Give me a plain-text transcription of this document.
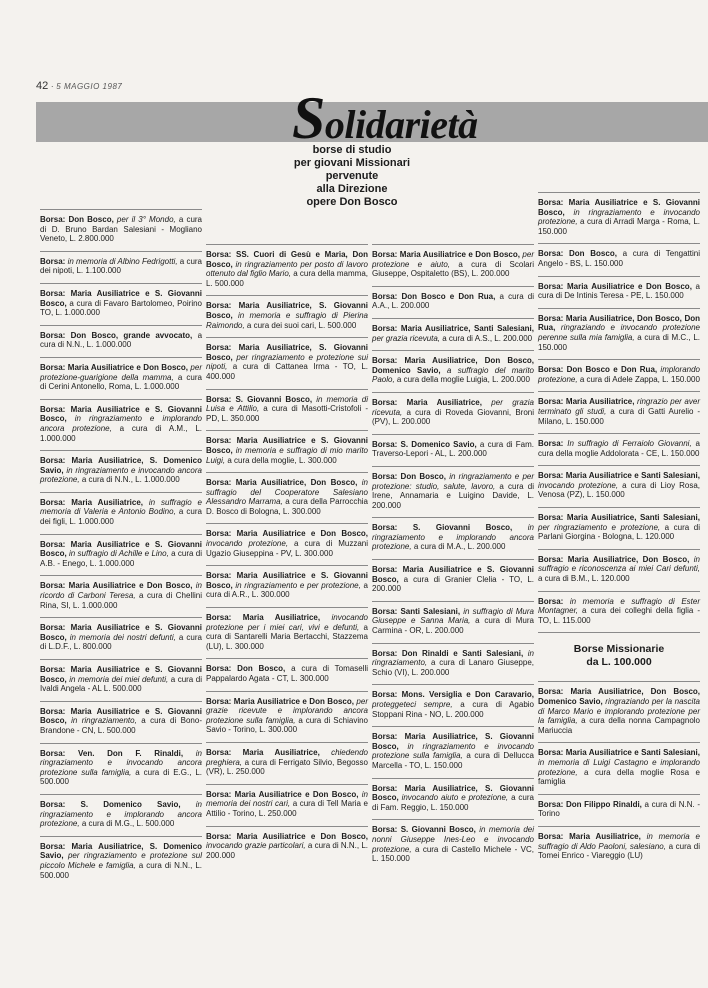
42 · 5 MAGGIO 1987	Solidarietà
borse di studio
per giovani Missionari
pervenute
alla Direzione
opere Don Bosco
Borsa: Don Bosco, per il 3° Mondo, a cura di D. Bruno Bardan Salesiani - Mogliano Veneto, L. 2.800.000
Borsa: in memoria di Albino Fedrigotti, a cura dei nipoti, L. 1.100.000
Borsa: Maria Ausiliatrice e S. Giovanni Bosco, a cura di Favaro Bartolomeo, Poirino TO, L. 1.000.000
Borsa: Don Bosco, grande avvocato, a cura di N.N., L. 1.000.000
Borsa: Maria Ausiliatrice e Don Bosco, per protezione-guarigione della mamma, a cura di Cerini Antonello, Roma, L. 1.000.000
Borsa: Maria Ausiliatrice e S. Giovanni Bosco, in ringraziamento e implorando ancora protezione, a cura di A.M., L. 1.000.000
Borsa: Maria Ausiliatrice, S. Domenico Savio, in ringraziamento e invocando ancora protezione, a cura di N.N., L. 1.000.000
Borsa: Maria Ausiliatrice, in suffragio e memoria di Valeria e Antonio Bodino, a cura dei figli, L. 1.000.000
Borsa: Maria Ausiliatrice e S. Giovanni Bosco, in suffragio di Achille e Lino, a cura di A.B. - Enego, L. 1.000.000
Borsa: Maria Ausiliatrice e Don Bosco, in ricordo di Carboni Teresa, a cura di Chellini Rina, SI, L. 1.000.000
Borsa: Maria Ausiliatrice e S. Giovanni Bosco, in memoria dei nostri defunti, a cura di L.D.F., L. 800.000
Borsa: Maria Ausiliatrice e S. Giovanni Bosco, in memoria dei miei defunti, a cura di Ivaldi Angela - AL L. 500.000
Borsa: Maria Ausiliatrice e S. Giovanni Bosco, in ringraziamento, a cura di Bono-Brandone - CN, L. 500.000
Borsa: Ven. Don F. Rinaldi, in ringraziamento e invocando ancora protezione sulla famiglia, a cura di E.G., L. 500.000
Borsa: S. Domenico Savio, in ringraziamento e implorando ancora protezione, a cura di M.G., L. 500.000
Borsa: Maria Ausiliatrice, S. Domenico Savio, per ringraziamento e protezione sul piccolo Michele e famiglia, a cura di N.N., L. 500.000
Borsa: SS. Cuori di Gesù e Maria, Don Bosco, in ringraziamento per posto di lavoro ottenuto dal figlio Mario, a cura della mamma, L. 500.000
Borsa: Maria Ausiliatrice, S. Giovanni Bosco, in memoria e suffragio di Pierina Raimondo, a cura dei suoi cari, L. 500.000
Borsa: Maria Ausiliatrice, S. Giovanni Bosco, per ringraziamento e protezione sui nipoti, a cura di Cattanea Irma - TO, L. 400.000
Borsa: S. Giovanni Bosco, in memoria di Luisa e Attilio, a cura di Masotti-Cristofoli - PD, L. 350.000
Borsa: Maria Ausiliatrice e S. Giovanni Bosco, in memoria e suffragio di mio marito Luigi, a cura della moglie, L. 300.000
Borsa: Maria Ausiliatrice, Don Bosco, in suffragio del Cooperatore Salesiano Alessandro Marrama, a cura della Parrocchia D. Bosco di Bologna, L. 300.000
Borsa: Maria Ausiliatrice e Don Bosco, invocando protezione, a cura di Muzzani Ugazio Giuseppina - PV, L. 300.000
Borsa: Maria Ausiliatrice e S. Giovanni Bosco, in ringraziamento e per protezione, a cura di A.R., L. 300.000
Borsa: Maria Ausiliatrice, invocando protezione per i miei cari, vivi e defunti, a cura di Santarelli Maria Bertacchi, Stazzema (LU), L. 300.000
Borsa: Don Bosco, a cura di Tomaselli Pappalardo Agata - CT, L. 300.000
Borsa: Maria Ausiliatrice e Don Bosco, per grazie ricevute e implorando ancora protezione sulla famiglia, a cura di Schiavino Savio - Torino, L. 300.000
Borsa: Maria Ausiliatrice, chiedendo preghiera, a cura di Ferrigato Silvio, Begosso (VR), L. 250.000
Borsa: Maria Ausiliatrice e Don Bosco, in memoria dei nostri cari, a cura di Tell Maria e Attilio - Torino, L. 250.000
Borsa: Maria Ausiliatrice e Don Bosco, invocando grazie particolari, a cura di N.N., L. 200.000
Borsa: Maria Ausiliatrice e Don Bosco, per protezione e aiuto, a cura di Scolari Giuseppe, Ospitaletto (BS), L. 200.000
Borsa: Don Bosco e Don Rua, a cura di A.A., L. 200.000
Borsa: Maria Ausiliatrice, Santi Salesiani, per grazia ricevuta, a cura di A.S., L. 200.000
Borsa: Maria Ausiliatrice, Don Bosco, Domenico Savio, a suffragio del marito Paolo, a cura della moglie Luigia, L. 200.000
Borsa: Maria Ausiliatrice, per grazia ricevuta, a cura di Roveda Giovanni, Broni (PV), L. 200.000
Borsa: S. Domenico Savio, a cura di Fam. Traverso-Lepori - AL, L. 200.000
Borsa: Don Bosco, in ringraziamento e per protezione: studio, salute, lavoro, a cura di Irene, Annamaria e Luigino Davide, L. 200.000
Borsa: S. Giovanni Bosco, in ringraziamento e implorando ancora protezione, a cura di M.A., L. 200.000
Borsa: Maria Ausiliatrice e S. Giovanni Bosco, a cura di Granier Clelia - TO, L. 200.000
Borsa: Santi Salesiani, in suffragio di Mura Giuseppe e Sanna Maria, a cura di Mura Carmina - OR, L. 200.000
Borsa: Don Rinaldi e Santi Salesiani, in ringraziamento, a cura di Lanaro Giuseppe, Schio (VI), L. 200.000
Borsa: Mons. Versiglia e Don Caravario, proteggeteci sempre, a cura di Agabio Stoppani Rina - NO, L. 200.000
Borsa: Maria Ausiliatrice, S. Giovanni Bosco, in ringraziamento e invocando protezione sulla famiglia, a cura di Dellucca Marcella - TO, L. 150.000
Borsa: Maria Ausiliatrice, S. Giovanni Bosco, invocando aiuto e protezione, a cura di Fam. Reggio, L. 150.000
Borsa: S. Giovanni Bosco, in memoria dei nonni Giuseppe Ines-Leo e invocando protezione, a cura di Castello Michele - VC, L. 150.000
Borsa: Maria Ausiliatrice e S. Giovanni Bosco, in ringraziamento e invocando protezione, a cura di Arradi Marga - Roma, L. 150.000
Borsa: Don Bosco, a cura di Tengattini Angelo - BS, L. 150.000
Borsa: Maria Ausiliatrice e Don Bosco, a cura di De Intinis Teresa - PE, L. 150.000
Borsa: Maria Ausiliatrice, Don Bosco, Don Rua, ringraziando e invocando protezione perenne sulla mia famiglia, a cura di M.C., L. 150.000
Borsa: Don Bosco e Don Rua, implorando protezione, a cura di Adele Zappa, L. 150.000
Borsa: Maria Ausiliatrice, ringrazio per aver terminato gli studi, a cura di Gatti Aurelio - Milano, L. 150.000
Borsa: In suffragio di Ferraiolo Giovanni, a cura della moglie Addolorata - CE, L. 150.000
Borsa: Maria Ausiliatrice e Santi Salesiani, invocando protezione, a cura di Lioy Rosa, Venosa (PZ), L. 150.000
Borsa: Maria Ausiliatrice, Santi Salesiani, per ringraziamento e protezione, a cura di Parlani Giorgina - Bologna, L. 120.000
Borsa: Maria Ausiliatrice, Don Bosco, in suffragio e riconoscenza ai miei Cari defunti, a cura di B.M., L. 120.000
Borsa: in memoria e suffragio di Ester Montagner, a cura dei colleghi della figlia - TO, L. 115.000
Borse Missionarie
da L. 100.000
Borsa: Maria Ausiliatrice, Don Bosco, Domenico Savio, ringraziando per la nascita di Marco Mario e implorando protezione per la famiglia, a cura della nonna Campagnolo Mariuccia
Borsa: Maria Ausiliatrice e Santi Salesiani, in memoria di Luigi Castagno e implorando protezione, a cura della moglie Rosa e famiglia
Borsa: Don Filippo Rinaldi, a cura di N.N. - Torino
Borsa: Maria Ausiliatrice, in memoria e suffragio di Aldo Paoloni, salesiano, a cura di Tomei Enrico - Viareggio (LU)
